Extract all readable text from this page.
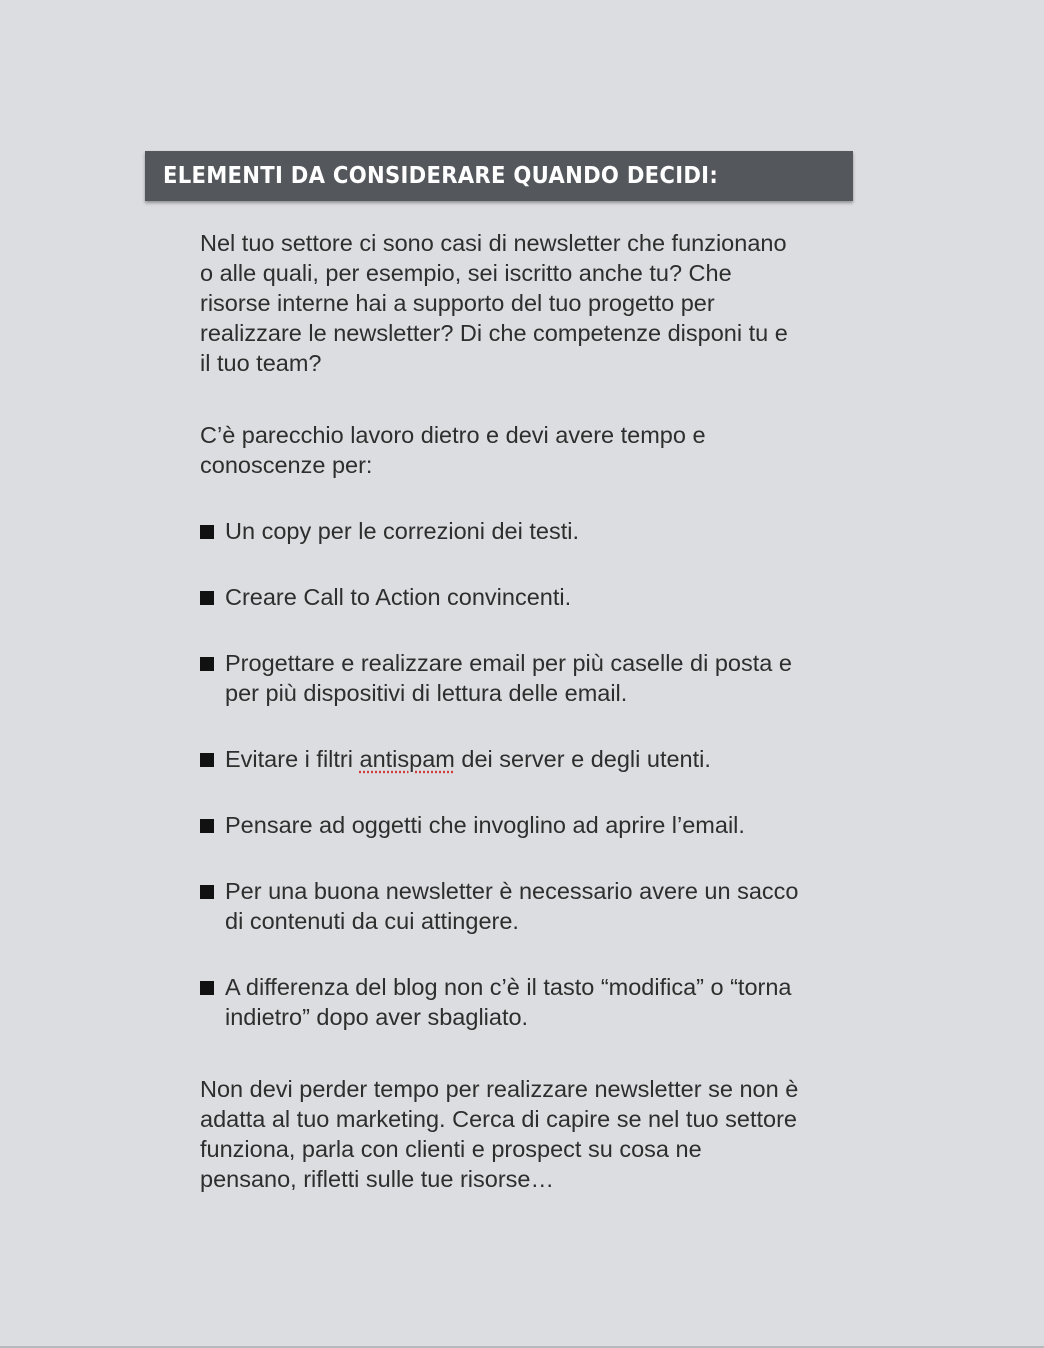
ELEMENTI DA CONSIDERARE QUANDO DECIDI:

Nel tuo settore ci sono casi di newsletter che funzionano o alle quali, per esempio, sei iscritto anche tu? Che risorse interne hai a supporto del tuo progetto per realizzare le newsletter? Di che competenze disponi tu e il tuo team?

C’è parecchio lavoro dietro e devi avere tempo e conoscenze per:

Un copy per le correzioni dei testi.
Creare Call to Action convincenti.
Progettare e realizzare email per più caselle di posta e per più dispositivi di lettura delle email.
Evitare i filtri antispam dei server e degli utenti.
Pensare ad oggetti che invoglino ad aprire l’email.
Per una buona newsletter è necessario avere un sacco di contenuti da cui attingere.
A differenza del blog non c’è il tasto “modifica” o “torna indietro” dopo aver sbagliato.

Non devi perder tempo per realizzare newsletter se non è adatta al tuo marketing. Cerca di capire se nel tuo settore funziona, parla con clienti e prospect su cosa ne pensano, rifletti sulle tue risorse…
